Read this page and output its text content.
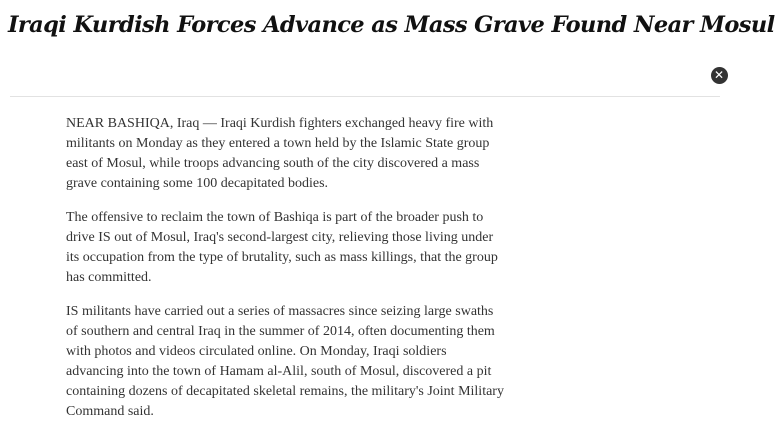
Iraqi Kurdish Forces Advance as Mass Grave Found Near Mosul
✕

NEAR BASHIQA, Iraq — Iraqi Kurdish fighters exchanged heavy fire with militants on Monday as they entered a town held by the Islamic State group east of Mosul, while troops advancing south of the city discovered a mass grave containing some 100 decapitated bodies.

The offensive to reclaim the town of Bashiqa is part of the broader push to drive IS out of Mosul, Iraq's second-largest city, relieving those living under its occupation from the type of brutality, such as mass killings, that the group has committed.

IS militants have carried out a series of massacres since seizing large swaths of southern and central Iraq in the summer of 2014, often documenting them with photos and videos circulated online. On Monday, Iraqi soldiers advancing into the town of Hamam al-Alil, south of Mosul, discovered a pit containing dozens of decapitated skeletal remains, the military's Joint Military Command said.
